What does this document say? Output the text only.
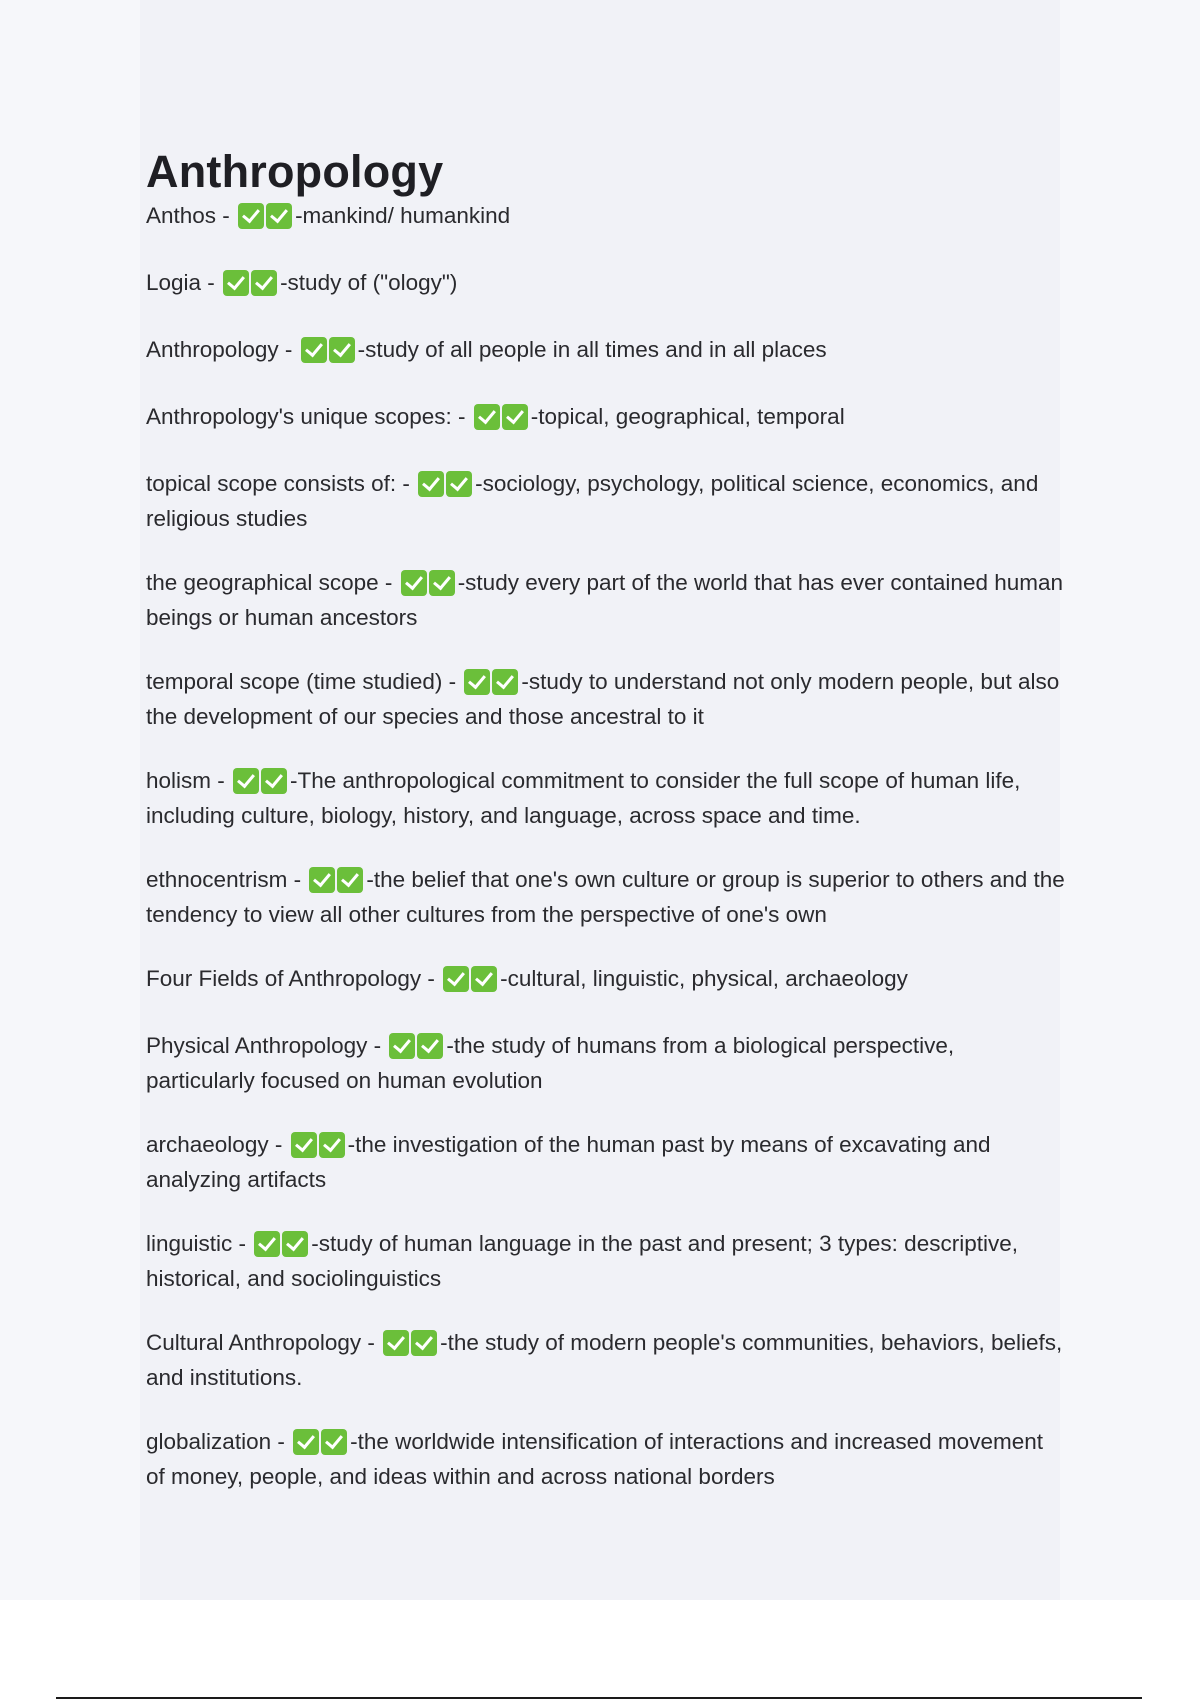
Anthropology
Anthos -	-mankind/ humankind
Logia -	-study of ("ology")
Anthropology -	-study of all people in all times and in all places
Anthropology's unique scopes: -	-topical, geographical, temporal
topical scope consists of: -	-sociology, psychology, political science, economics, and religious studies
the geographical scope -	-study every part of the world that has ever contained human beings or human ancestors
temporal scope (time studied) -	-study to understand not only modern people, but also the development of our species and those ancestral to it
holism -	-The anthropological commitment to consider the full scope of human life, including culture, biology, history, and language, across space and time.
ethnocentrism -	-the belief that one's own culture or group is superior to others and the tendency to view all other cultures from the perspective of one's own
Four Fields of Anthropology -	-cultural, linguistic, physical, archaeology
Physical Anthropology -	-the study of humans from a biological perspective, particularly focused on human evolution
archaeology -	-the investigation of the human past by means of excavating and analyzing artifacts
linguistic -	-study of human language in the past and present; 3 types: descriptive, historical, and sociolinguistics
Cultural Anthropology -	-the study of modern people's communities, behaviors, beliefs, and institutions.
globalization -	-the worldwide intensification of interactions and increased movement of money, people, and ideas within and across national borders
